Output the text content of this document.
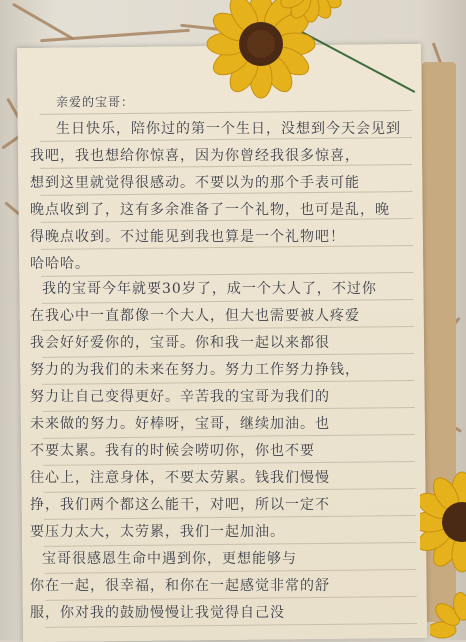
亲爱的宝哥：
生日快乐，陪你过的第一个生日，没想到今天会见到
我吧，我也想给你惊喜，因为你曾经我很多惊喜，
想到这里就觉得很感动。不要以为的那个手表可能
晚点收到了，这有多余准备了一个礼物，也可是乱，晚
得晚点收到。不过能见到我也算是一个礼物吧！
哈哈哈。
我的宝哥今年就要30岁了，成一个大人了，不过你
在我心中一直都像一个大人，但大也需要被人疼爱
我会好好爱你的，宝哥。你和我一起以来都很
努力的为我们的未来在努力。努力工作努力挣钱，
努力让自己变得更好。辛苦我的宝哥为我们的
未来做的努力。好棒呀，宝哥，继续加油。也
不要太累。我有的时候会唠叨你，你也不要
往心上，注意身体，不要太劳累。钱我们慢慢
挣，我们两个都这么能干，对吧，所以一定不
要压力太大，太劳累，我们一起加油。
宝哥很感恩生命中遇到你，更想能够与
你在一起，很幸福，和你在一起感觉非常的舒
服，你对我的鼓励慢慢让我觉得自己没
